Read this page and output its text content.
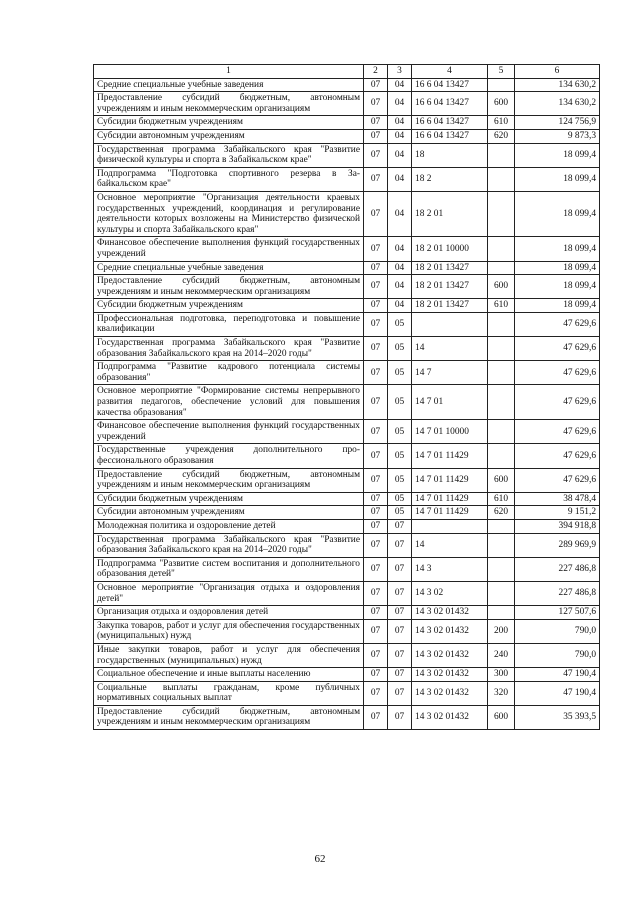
1	2	3	4	5	6
Средние специальные учебные заведения	07	04	16 6 04 13427		134 630,2
Предоставление субсидий бюджетным, автономным учреждениям и иным некоммерческим организациям	07	04	16 6 04 13427	600	134 630,2
Субсидии бюджетным учреждениям	07	04	16 6 04 13427	610	124 756,9
Субсидии автономным учреждениям	07	04	16 6 04 13427	620	9 873,3
Государственная программа Забайкальского края "Развитие физической культуры и спорта в Забайкальском крае"	07	04	18		18 099,4
Подпрограмма "Подготовка спортивного резерва в Забайкальском крае"	07	04	18 2		18 099,4
Основное мероприятие "Организация деятельности краевых государственных учреждений, координация и регулирование деятельности которых возложены на Министерство физической культуры и спорта Забайкальского края"	07	04	18 2 01		18 099,4
Финансовое обеспечение выполнения функций государственных учреждений	07	04	18 2 01 10000		18 099,4
Средние специальные учебные заведения	07	04	18 2 01 13427		18 099,4
Предоставление субсидий бюджетным, автономным учреждениям и иным некоммерческим организациям	07	04	18 2 01 13427	600	18 099,4
Субсидии бюджетным учреждениям	07	04	18 2 01 13427	610	18 099,4
Профессиональная подготовка, переподготовка и повышение квалификации	07	05			47 629,6
Государственная программа Забайкальского края "Развитие образования Забайкальского края на 2014–2020 годы"	07	05	14		47 629,6
Подпрограмма "Развитие кадрового потенциала системы образования"	07	05	14 7		47 629,6
Основное мероприятие "Формирование системы непрерывного развития педагогов, обеспечение условий для повышения качества образования"	07	05	14 7 01		47 629,6
Финансовое обеспечение выполнения функций государственных учреждений	07	05	14 7 01 10000		47 629,6
Государственные учреждения дополнительного профессионального образования	07	05	14 7 01 11429		47 629,6
Предоставление субсидий бюджетным, автономным учреждениям и иным некоммерческим организациям	07	05	14 7 01 11429	600	47 629,6
Субсидии бюджетным учреждениям	07	05	14 7 01 11429	610	38 478,4
Субсидии автономным учреждениям	07	05	14 7 01 11429	620	9 151,2
Молодежная политика и оздоровление детей	07	07			394 918,8
Государственная программа Забайкальского края "Развитие образования Забайкальского края на 2014–2020 годы"	07	07	14		289 969,9
Подпрограмма "Развитие систем воспитания и дополнительного образования детей"	07	07	14 3		227 486,8
Основное мероприятие "Организация отдыха и оздоровления детей"	07	07	14 3 02		227 486,8
Организация отдыха и оздоровления детей	07	07	14 3 02 01432		127 507,6
Закупка товаров, работ и услуг для обеспечения государственных (муниципальных) нужд	07	07	14 3 02 01432	200	790,0
Иные закупки товаров, работ и услуг для обеспечения государственных (муниципальных) нужд	07	07	14 3 02 01432	240	790,0
Социальное обеспечение и иные выплаты населению	07	07	14 3 02 01432	300	47 190,4
Социальные выплаты гражданам, кроме публичных нормативных социальных выплат	07	07	14 3 02 01432	320	47 190,4
Предоставление субсидий бюджетным, автономным учреждениям и иным некоммерческим организациям	07	07	14 3 02 01432	600	35 393,5
62
